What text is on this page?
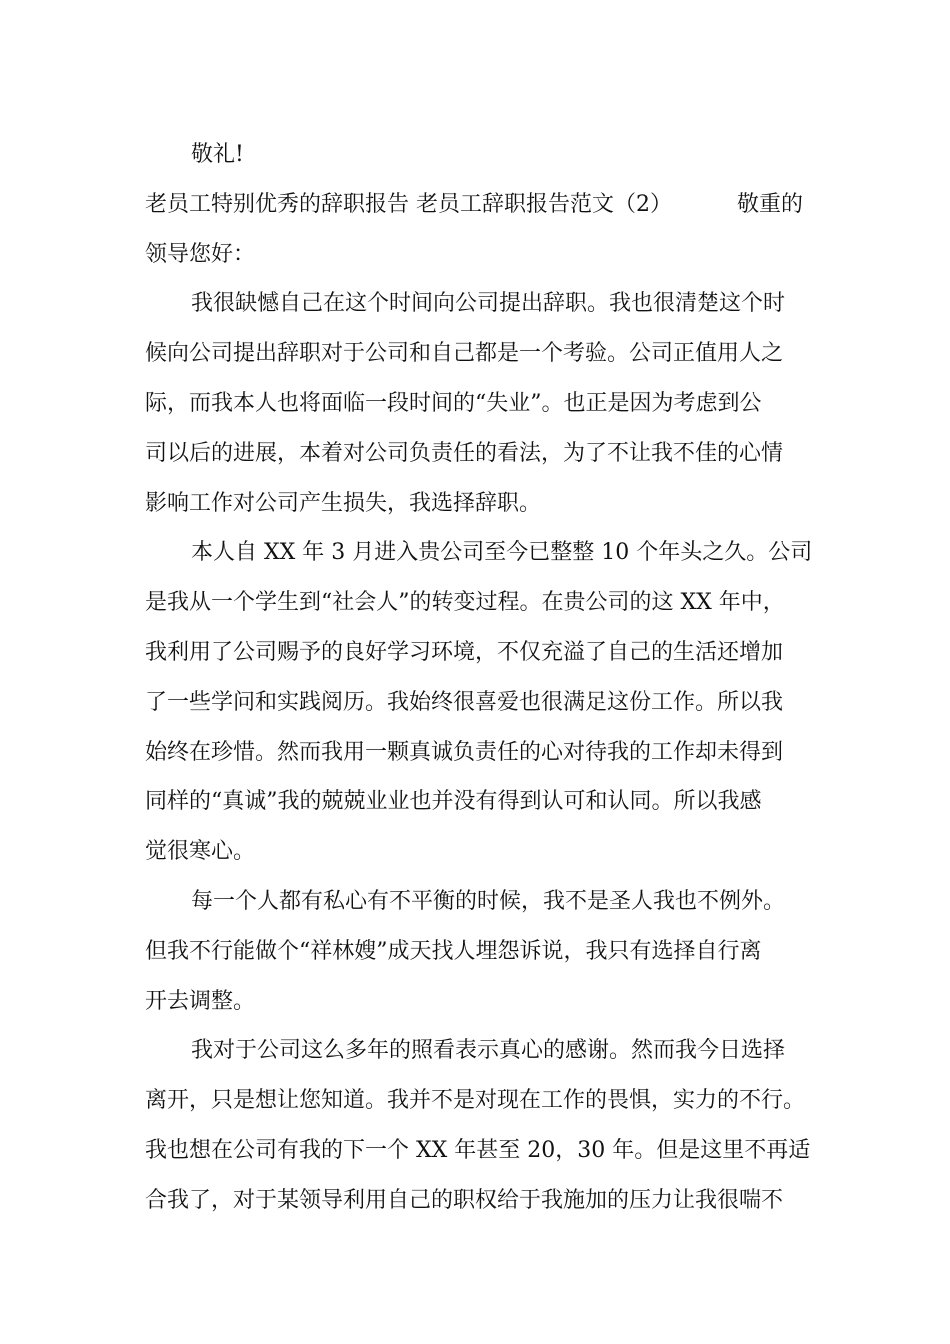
敬礼!
老员工特别优秀的辞职报告 老员工辞职报告范文（2）	敬重的
领导您好：
我很缺憾自己在这个时间向公司提出辞职。我也很清楚这个时
候向公司提出辞职对于公司和自己都是一个考验。公司正值用人之
际，而我本人也将面临一段时间的“失业”。也正是因为考虑到公
司以后的进展，本着对公司负责任的看法，为了不让我不佳的心情
影响工作对公司产生损失，我选择辞职。
本人自 XX 年 3 月进入贵公司至今已整整 10 个年头之久。公司
是我从一个学生到“社会人”的转变过程。在贵公司的这 XX 年中，
我利用了公司赐予的良好学习环境，不仅充溢了自己的生活还增加
了一些学问和实践阅历。我始终很喜爱也很满足这份工作。所以我
始终在珍惜。然而我用一颗真诚负责任的心对待我的工作却未得到
同样的“真诚”我的兢兢业业也并没有得到认可和认同。所以我感
觉很寒心。
每一个人都有私心有不平衡的时候，我不是圣人我也不例外。
但我不行能做个“祥林嫂”成天找人埋怨诉说，我只有选择自行离
开去调整。
我对于公司这么多年的照看表示真心的感谢。然而我今日选择
离开，只是想让您知道。我并不是对现在工作的畏惧，实力的不行。
我也想在公司有我的下一个 XX 年甚至 20，30 年。但是这里不再适
合我了，对于某领导利用自己的职权给于我施加的压力让我很喘不
